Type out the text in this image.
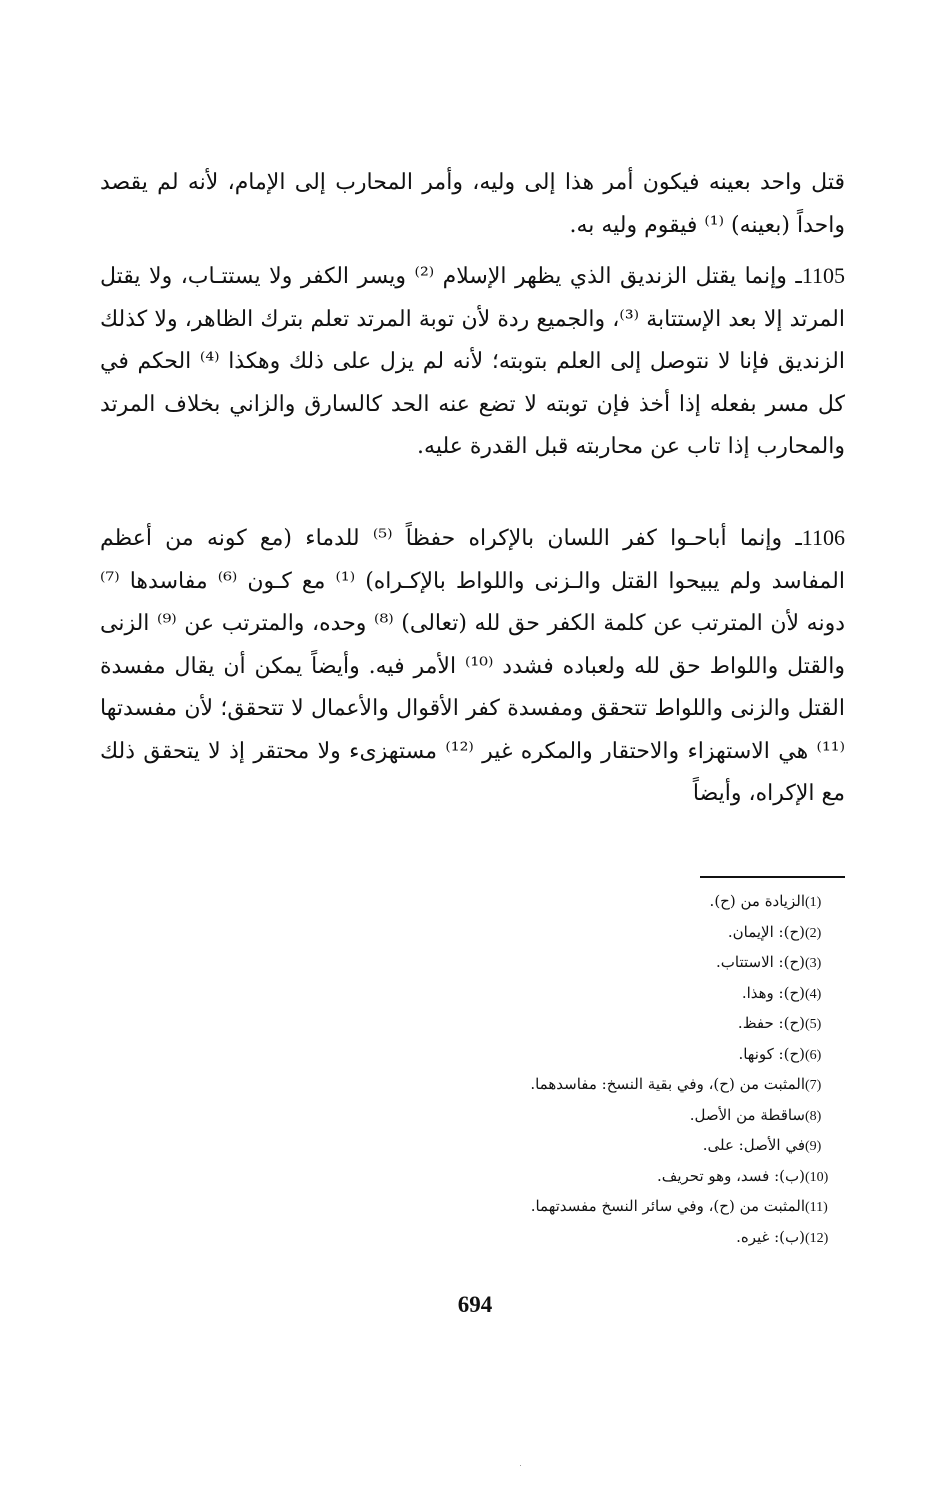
قتل واحد بعينه فيكون أمر هذا إلى وليه، وأمر المحارب إلى الإمام، لأنه لم يقصد واحداً (بعينه) ⁽¹⁾ فيقوم وليه به.

1105ـ وإنما يقتل الزنديق الذي يظهر الإسلام ⁽²⁾ ويسر الكفر ولا يستتـاب، ولا يقتل المرتد إلا بعد الإستتابة ⁽³⁾، والجميع ردة لأن توبة المرتد تعلم بترك الظاهر، ولا كذلك الزنديق فإنا لا نتوصل إلى العلم بتوبته؛ لأنه لم يزل على ذلك وهكذا ⁽⁴⁾ الحكم في كل مسر بفعله إذا أخذ فإن توبته لا تضع عنه الحد كالسارق والزاني بخلاف المرتد والمحارب إذا تاب عن محاربته قبل القدرة عليه.

1106ـ وإنما أباحـوا كفر اللسان بالإكراه حفظاً ⁽⁵⁾ للدماء (مع كونه من أعظم المفاسد ولم يبيحوا القتل والـزنى واللواط بالإكـراه) ⁽¹⁾ مع كـون ⁽⁶⁾ مفاسدها ⁽⁷⁾ دونه لأن المترتب عن كلمة الكفر حق لله (تعالى) ⁽⁸⁾ وحده، والمترتب عن ⁽⁹⁾ الزنى والقتل واللواط حق لله ولعباده فشدد ⁽¹⁰⁾ الأمر فيه. وأيضاً يمكن أن يقال مفسدة القتل والزنى واللواط تتحقق ومفسدة كفر الأقوال والأعمال لا تتحقق؛ لأن مفسدتها ⁽¹¹⁾ هي الاستهزاء والاحتقار والمكره غير ⁽¹²⁾ مستهزىء ولا محتقر إذ لا يتحقق ذلك مع الإكراه، وأيضاً

(1)الزيادة من (ح).
(2)(ح): الإيمان.
(3)(ح): الاستتاب.
(4)(ح): وهذا.
(5)(ح): حفظ.
(6)(ح): كونها.
(7)المثبت من (ح)، وفي بقية النسخ: مفاسدهما.
(8)ساقطة من الأصل.
(9)في الأصل: على.
(10)(ب): فسد، وهو تحريف.
(11)المثبت من (ح)، وفي سائر النسخ مفسدتهما.
(12)(ب): غيره.
694
